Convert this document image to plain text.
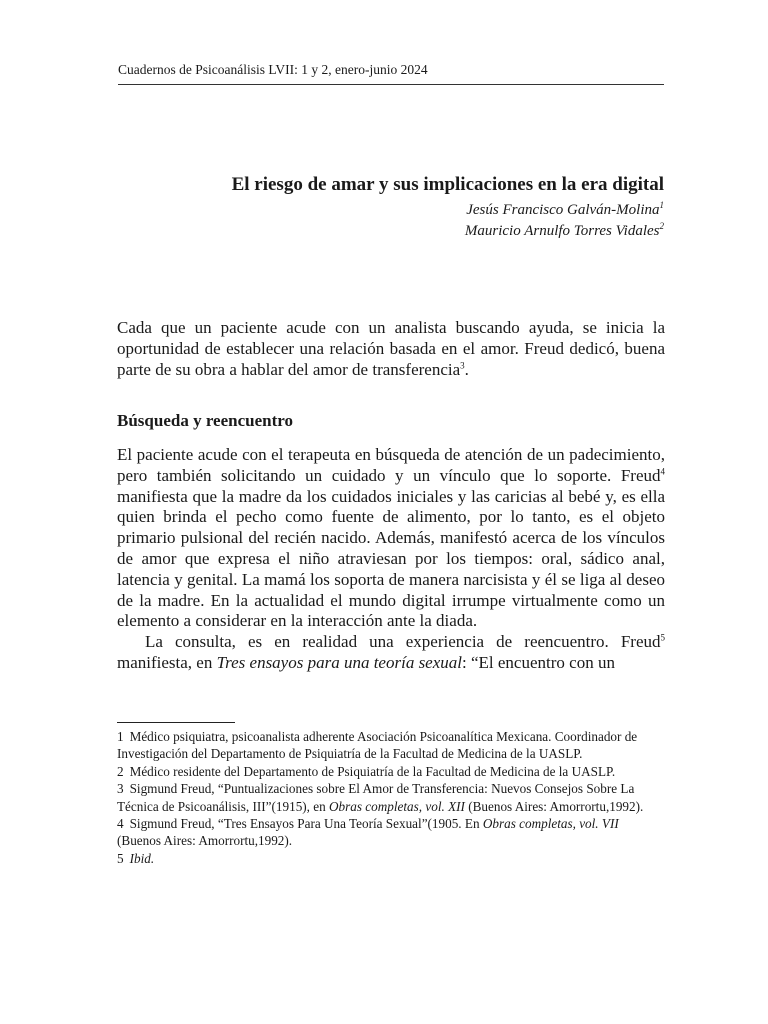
Cuadernos de Psicoanálisis LVII: 1 y 2, enero-junio 2024
El riesgo de amar y sus implicaciones en la era digital
Jesús Francisco Galván-Molina$^1$
Mauricio Arnulfo Torres Vidales$^2$
Cada que un paciente acude con un analista buscando ayuda, se inicia la oportunidad de establecer una relación basada en el amor. Freud dedicó, buena parte de su obra a hablar del amor de transferencia$^3$.
Búsqueda y reencuentro

El paciente acude con el terapeuta en búsqueda de atención de un padecimiento, pero también solicitando un cuidado y un vínculo que lo soporte. Freud$^4$ manifiesta que la madre da los cuidados iniciales y las caricias al bebé y, es ella quien brinda el pecho como fuente de alimento, por lo tanto, es el objeto primario pulsional del recién nacido. Además, manifestó acerca de los vínculos de amor que expresa el niño atraviesan por los tiempos: oral, sádico anal, latencia y genital. La mamá los soporta de manera narcisista y él se liga al deseo de la madre. En la actualidad el mundo digital irrumpe virtualmente como un elemento a considerar en la interacción ante la diada.

La consulta, es en realidad una experiencia de reencuentro. Freud$^5$ manifiesta, en Tres ensayos para una teoría sexual: “El encuentro con un

1 Médico psiquiatra, psicoanalista adherente Asociación Psicoanalítica Mexicana. Coordinador de Investigación del Departamento de Psiquiatría de la Facultad de Medicina de la UASLP.

2 Médico residente del Departamento de Psiquiatría de la Facultad de Medicina de la UASLP.

3 Sigmund Freud, “Puntualizaciones sobre El Amor de Transferencia: Nuevos Consejos Sobre La Técnica de Psicoanálisis, III”(1915), en Obras completas, vol. XII (Buenos Aires: Amorrortu,1992).

4 Sigmund Freud, “Tres Ensayos Para Una Teoría Sexual”(1905. En Obras completas, vol. VII (Buenos Aires: Amorrortu,1992).

5 Ibid.
